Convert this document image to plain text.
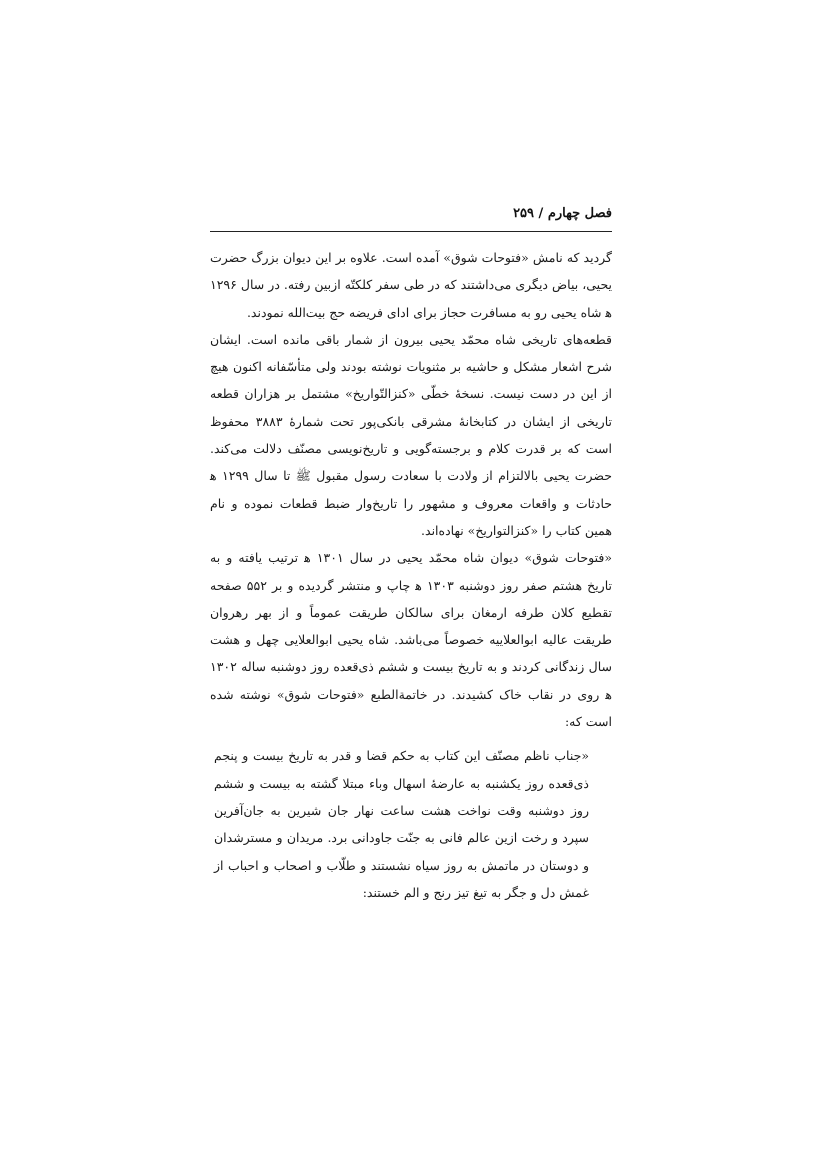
فصل چهارم / ۲۵۹

گردید که نامش «فتوحات شوق» آمده است. علاوه بر این دیوان بزرگ حضرت یحیی، بیاض دیگری می‌داشتند که در طی سفر کلکتّه ازبین رفته. در سال ۱۲۹۶ ﻫ شاه یحیی رو به مسافرت حجاز برای ادای فریضه حج بیت‌الله نمودند.

قطعه‌های تاریخی شاه محمّد یحیی بیرون از شمار باقی مانده است. ایشان شرح اشعار مشکل و حاشیه بر مثنویات نوشته بودند ولی متأسّفانه اکنون هیچ از این در دست نیست. نسخهٔ خطّی «کنزالتّواریخ» مشتمل بر هزاران قطعه تاریخی از ایشان در کتابخانهٔ مشرقی بانکی‌پور تحت شمارهٔ ۳۸۸۳ محفوظ است که بر قدرت کلام و برجسته‌گویی و تاریخ‌نویسی مصنّف دلالت می‌کند. حضرت یحیی بالالتزام از ولادت با سعادت رسول مقبول ﷺ تا سال ۱۲۹۹ ﻫ حادثات و واقعات معروف و مشهور را تاریخ‌وار ضبط قطعات نموده و نام همین کتاب را «کنزالتواریخ» نهاده‌اند.

«فتوحات شوق» دیوان شاه محمّد یحیی در سال ۱۳۰۱ ﻫ ترتیب یافته و به تاریخ هشتم صفر روز دوشنبه ۱۳۰۳ ﻫ چاپ و منتشر گردیده و بر ۵۵۲ صفحه تقطیع کلان طرفه ارمغان برای سالکان طریقت عموماً و از بهر رهروان طریقت عالیه ابوالعلاییه خصوصاً می‌باشد. شاه یحیی ابوالعلایی چهل و هشت سال زندگانی کردند و به تاریخ بیست و ششم ذی‌قعده روز دوشنبه ساله ۱۳۰۲ ﻫ روی در نقاب خاک کشیدند. در خاتمةالطبع «فتوحات شوق» نوشته شده است که:

«جناب ناظم مصنّف این کتاب به حکم قضا و قدر به تاریخ بیست و پنجم ذی‌قعده روز یکشنبه به عارضهٔ اسهال وباء مبتلا گشته به بیست و ششم روز دوشنبه وقت نواخت هشت ساعت نهار جان شیرین به جان‌آفرین سپرد و رخت ازین عالم فانی به جنّت جاودانی برد. مریدان و مسترشدان و دوستان در ماتمش به روز سیاه نشستند و طلّاب و اصحاب و احباب از غمش دل و جگر به تیغ تیز رنج و الم خستند:
